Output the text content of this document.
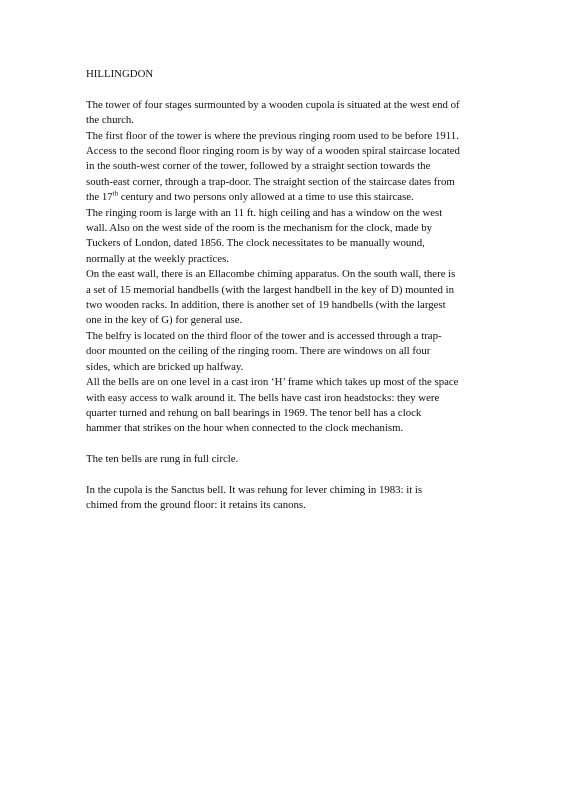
HILLINGDON
The tower of four stages surmounted by a wooden cupola is situated at the west end of
the church.
The first floor of the tower is where the previous ringing room used to be before 1911.
Access to the second floor ringing room is by way of a wooden spiral staircase located
in the south-west corner of the tower, followed by a straight section towards the
south-east corner, through a trap-door. The straight section of the staircase dates from
the 17th century and two persons only allowed at a time to use this staircase.
The ringing room is large with an 11 ft. high ceiling and has a window on the west
wall. Also on the west side of the room is the mechanism for the clock, made by
Tuckers of London, dated 1856. The clock necessitates to be manually wound,
normally at the weekly practices.
On the east wall, there is an Ellacombe chiming apparatus. On the south wall, there is
a set of 15 memorial handbells (with the largest handbell in the key of D) mounted in
two wooden racks. In addition, there is another set of 19 handbells (with the largest
one in the key of G) for general use.
The belfry is located on the third floor of the tower and is accessed through a trap-
door mounted on the ceiling of the ringing room. There are windows on all four
sides, which are bricked up halfway.
All the bells are on one level in a cast iron ‘H’ frame which takes up most of the space
with easy access to walk around it. The bells have cast iron headstocks: they were
quarter turned and rehung on ball bearings in 1969. The tenor bell has a clock
hammer that strikes on the hour when connected to the clock mechanism.
The ten bells are rung in full circle.
In the cupola is the Sanctus bell. It was rehung for lever chiming in 1983: it is
chimed from the ground floor: it retains its canons.
